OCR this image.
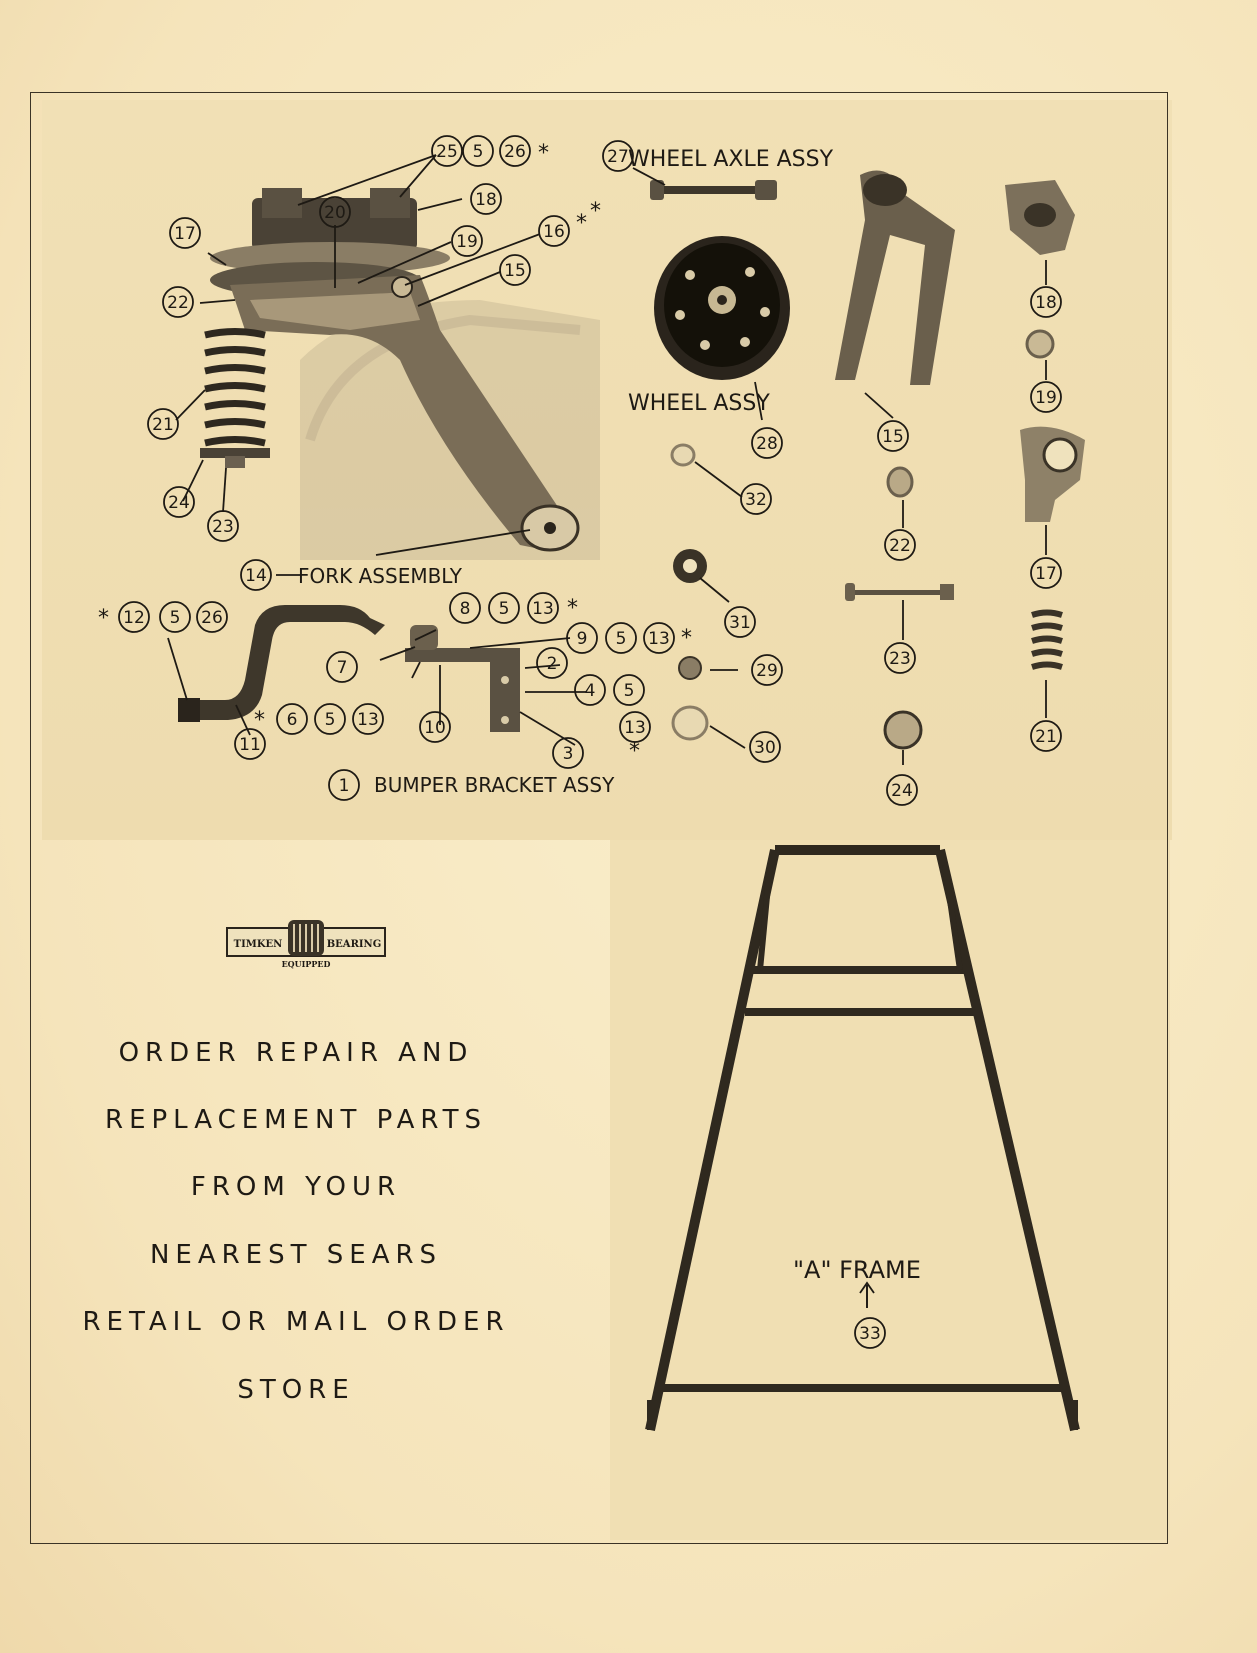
25 5 26
18
20
17	19	16
15
22
21
24
23
14
27
28
32
31
29
30
15
22
23
24
18
19
17
21
33
12 5 26
11
6 5 13	10
7
8 5 13
9 5 13
2
4 5
13
3
1
*
* *
*
*
*
*
*
WHEEL AXLE ASSY
WHEEL ASSY
FORK ASSEMBLY
BUMPER BRACKET ASSY
"A" FRAME
TIMKEN	BEARING
EQUIPPED
ORDER REPAIR AND
REPLACEMENT PARTS
FROM YOUR
NEAREST SEARS
RETAIL OR MAIL ORDER
STORE
